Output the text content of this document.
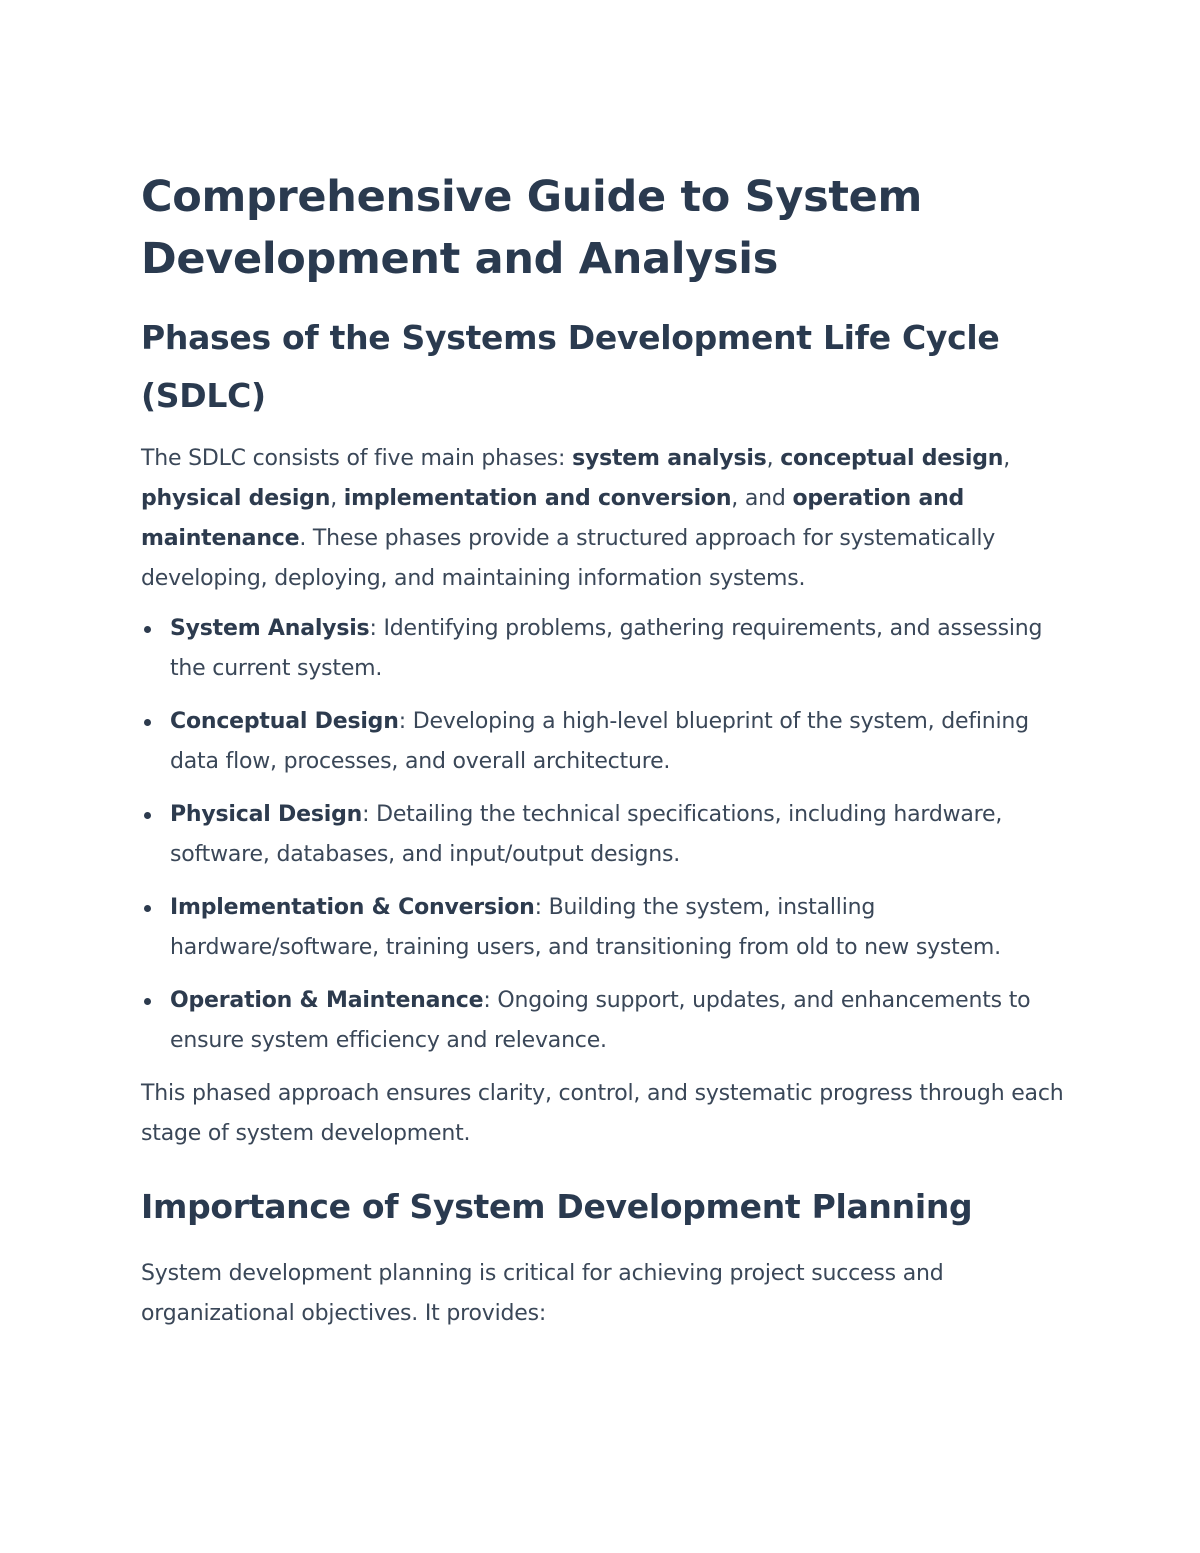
Comprehensive Guide to System Development and Analysis
Phases of the Systems Development Life Cycle (SDLC)

The SDLC consists of five main phases: system analysis, conceptual design, physical design, implementation and conversion, and operation and maintenance. These phases provide a structured approach for systematically developing, deploying, and maintaining information systems.

System Analysis: Identifying problems, gathering requirements, and assessing the current system.
Conceptual Design: Developing a high-level blueprint of the system, defining data flow, processes, and overall architecture.
Physical Design: Detailing the technical specifications, including hardware, software, databases, and input/output designs.
Implementation & Conversion: Building the system, installing hardware/software, training users, and transitioning from old to new system.
Operation & Maintenance: Ongoing support, updates, and enhancements to ensure system efficiency and relevance.

This phased approach ensures clarity, control, and systematic progress through each stage of system development.

Importance of System Development Planning

System development planning is critical for achieving project success and organizational objectives. It provides:
